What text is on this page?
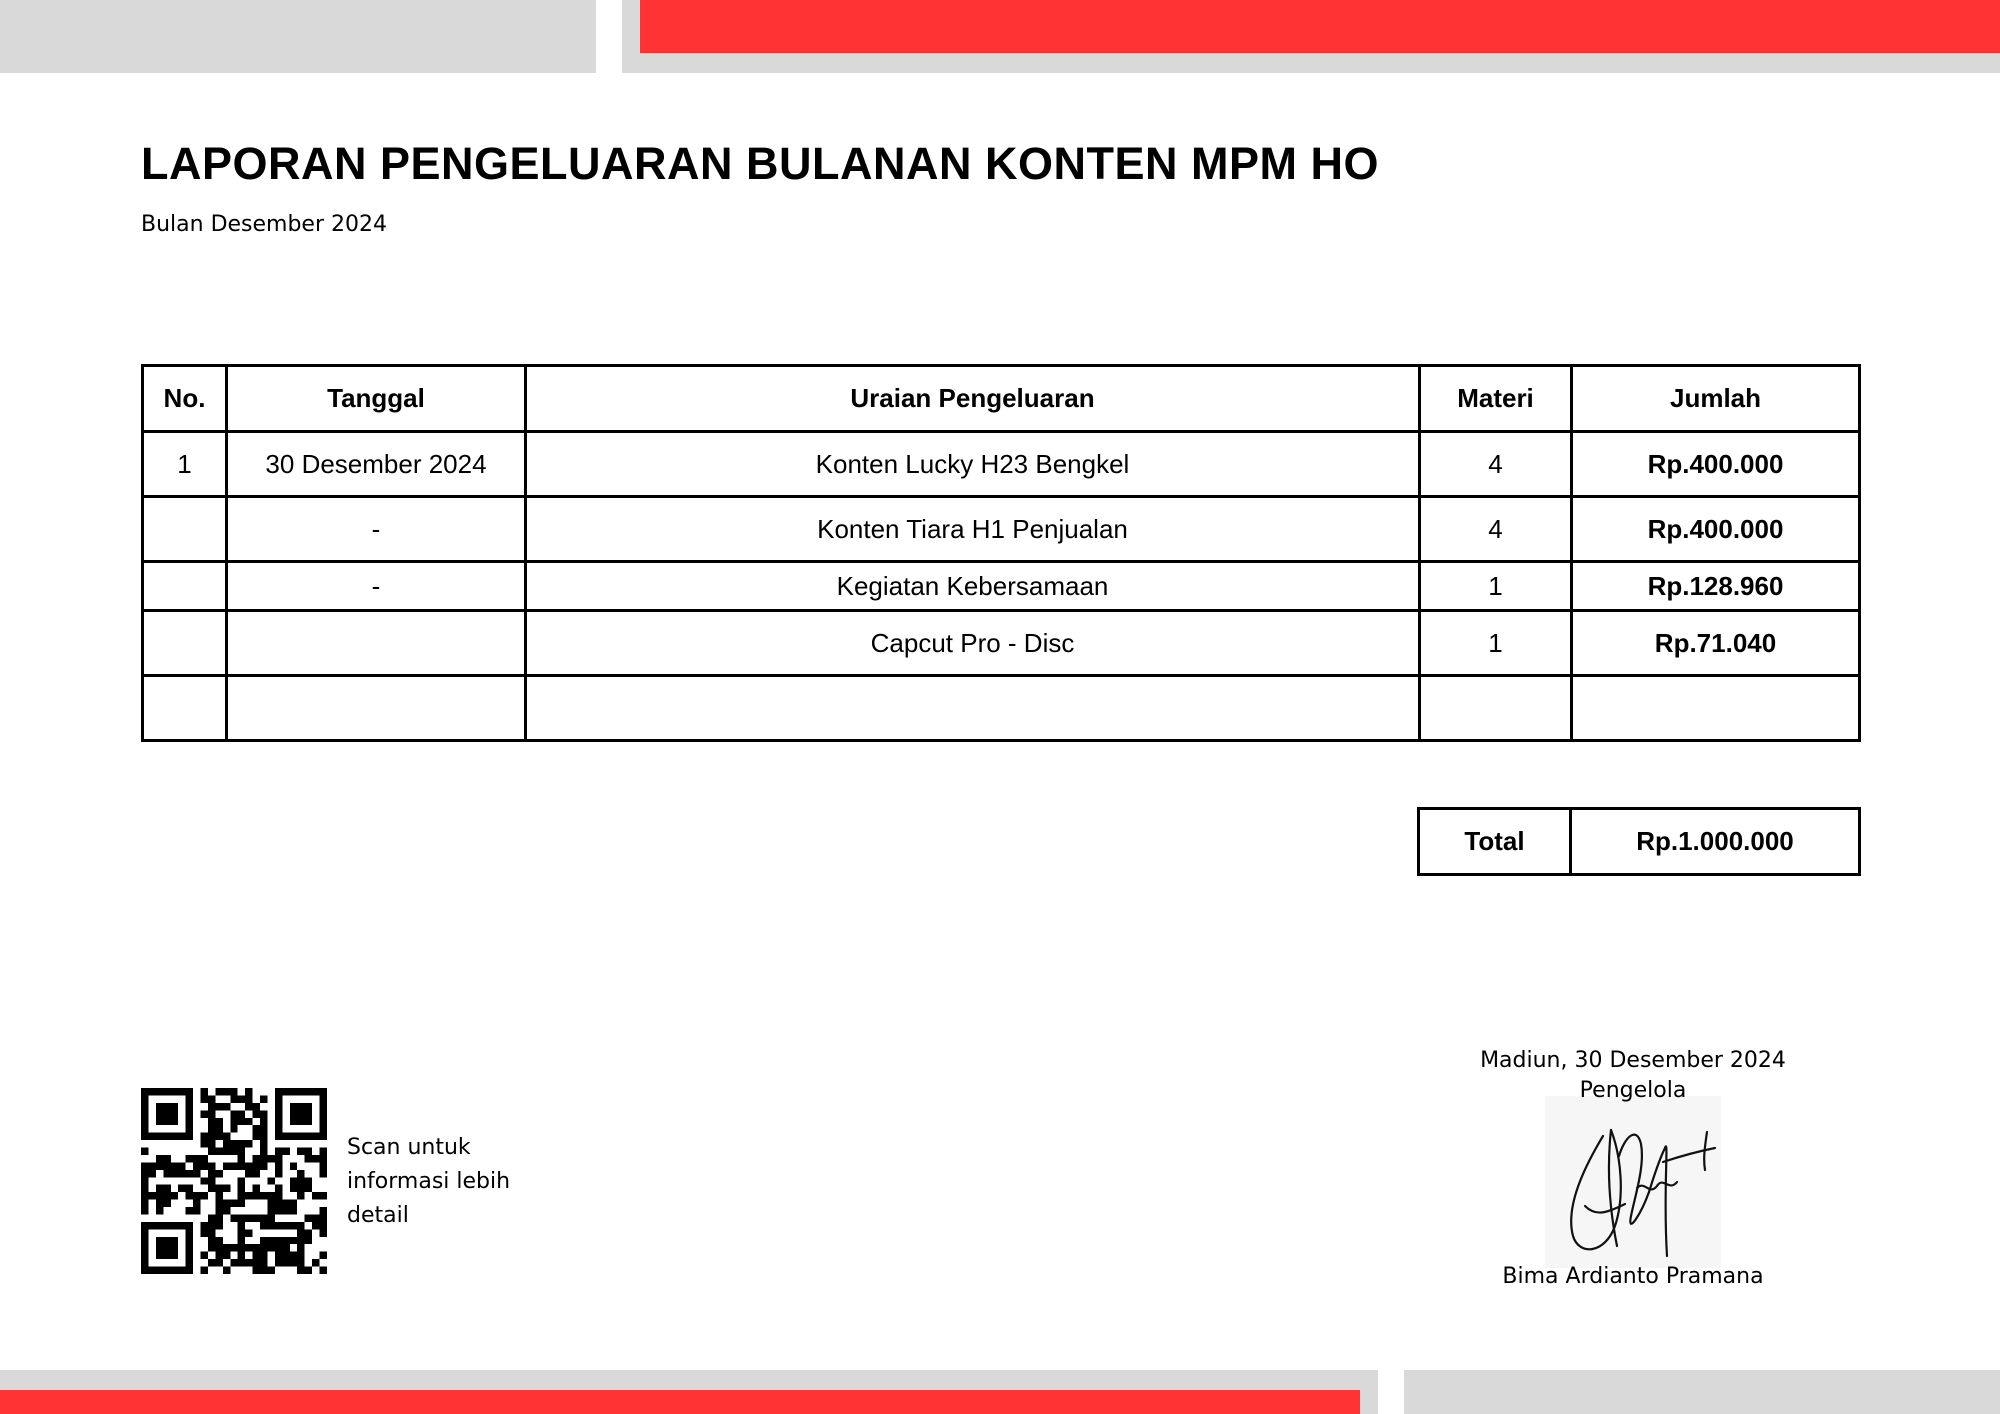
LAPORAN PENGELUARAN BULANAN KONTEN MPM HO
Bulan Desember 2024
No.	Tanggal	Uraian Pengeluaran	Materi	Jumlah
1	30 Desember 2024	Konten Lucky H23 Bengkel	4	Rp.400.000
	-	Konten Tiara H1 Penjualan	4	Rp.400.000
	-	Kegiatan Kebersamaan	1	Rp.128.960
		Capcut Pro - Disc	1	Rp.71.040

Total	Rp.1.000.000
Scan untuk informasi lebih detail
Madiun, 30 Desember 2024
Pengelola
Bima Ardianto Pramana
